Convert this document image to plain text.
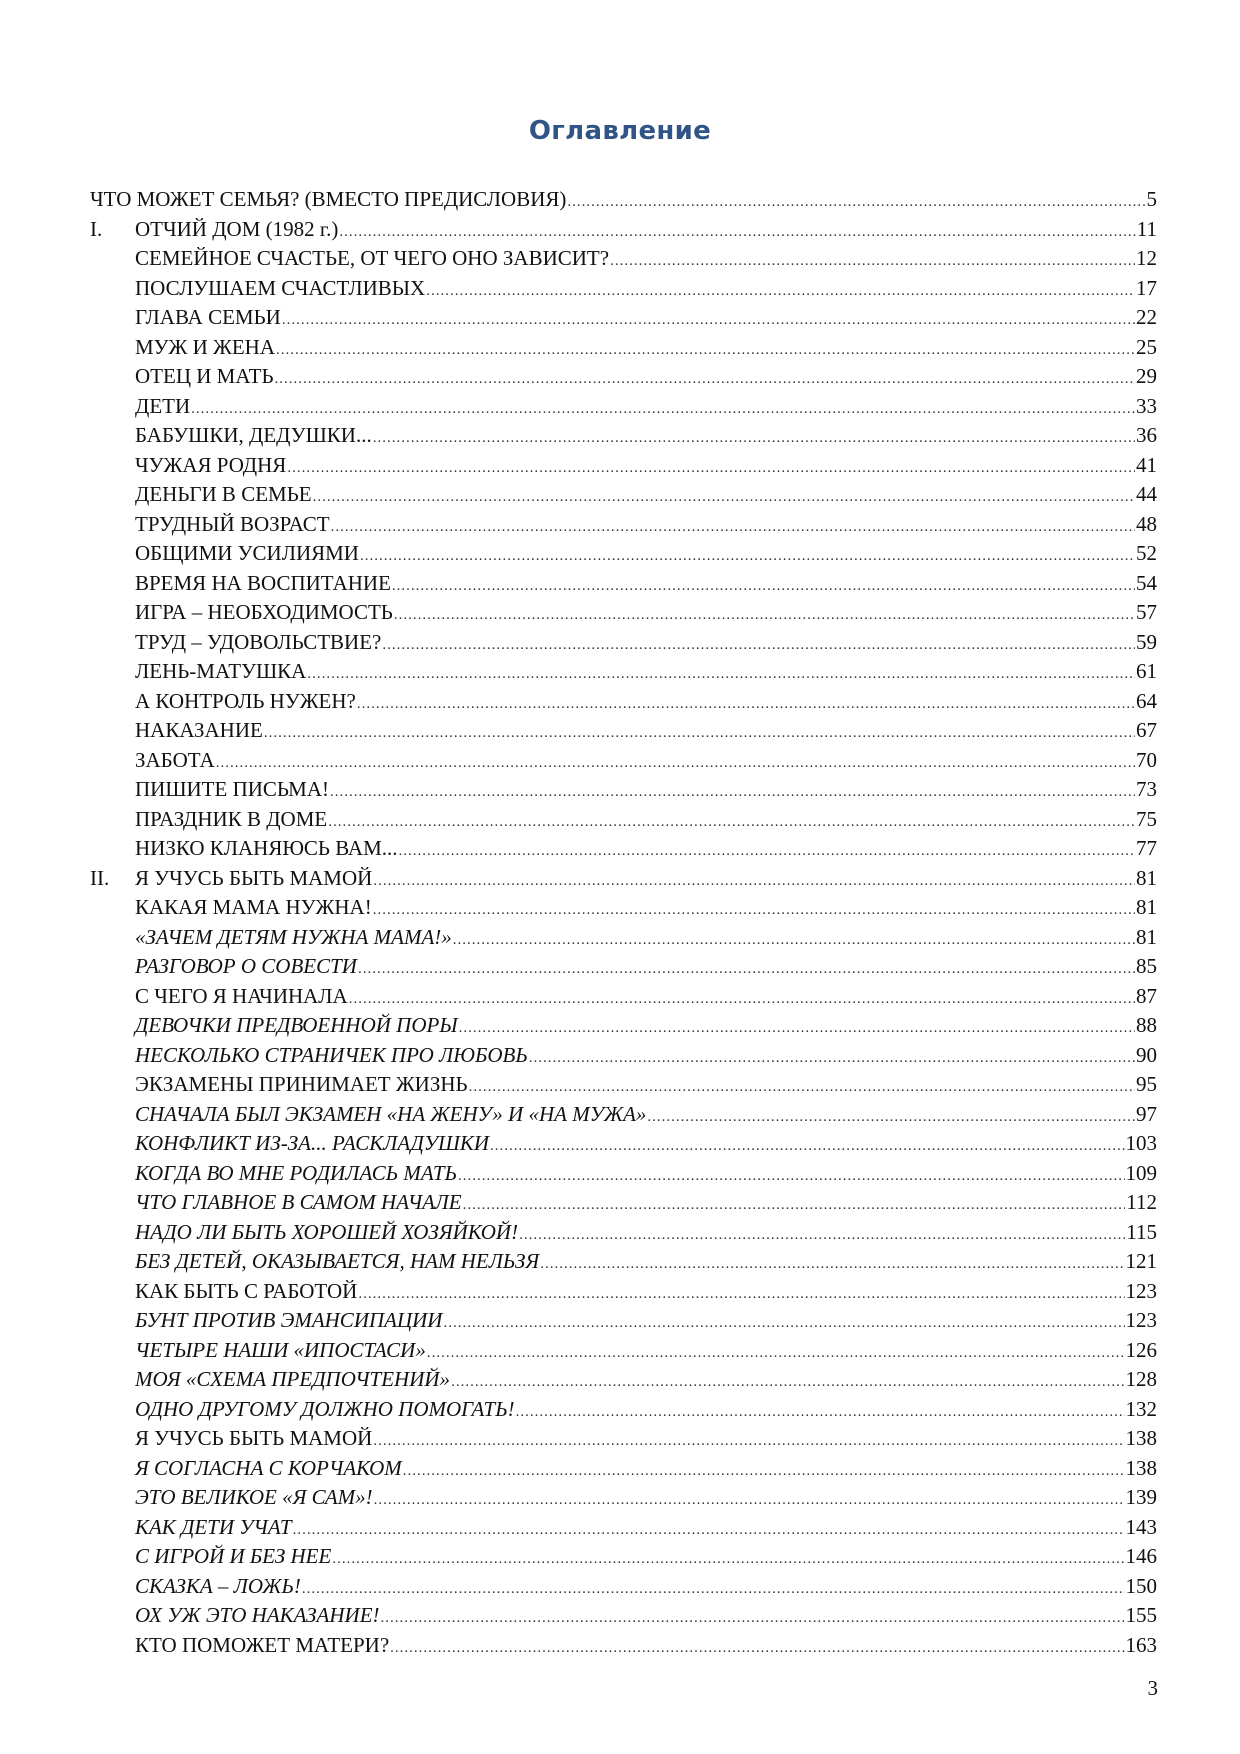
Оглавление
ЧТО МОЖЕТ СЕМЬЯ? (ВМЕСТО ПРЕДИСЛОВИЯ) .....	5
I.	ОТЧИЙ ДОМ (1982 г.) .....	11
СЕМЕЙНОЕ СЧАСТЬЕ, ОТ ЧЕГО ОНО ЗАВИСИТ? .....	12
ПОСЛУШАЕМ СЧАСТЛИВЫХ .....	17
ГЛАВА СЕМЬИ .....	22
МУЖ И ЖЕНА .....	25
ОТЕЦ И МАТЬ .....	29
ДЕТИ .....	33
БАБУШКИ, ДЕДУШКИ... .....	36
ЧУЖАЯ РОДНЯ .....	41
ДЕНЬГИ В СЕМЬЕ .....	44
ТРУДНЫЙ ВОЗРАСТ .....	48
ОБЩИМИ УСИЛИЯМИ .....	52
ВРЕМЯ НА ВОСПИТАНИЕ .....	54
ИГРА – НЕОБХОДИМОСТЬ .....	57
ТРУД – УДОВОЛЬСТВИЕ? .....	59
ЛЕНЬ-МАТУШКА .....	61
А КОНТРОЛЬ НУЖЕН? .....	64
НАКАЗАНИЕ .....	67
ЗАБОТА .....	70
ПИШИТЕ ПИСЬМА! .....	73
ПРАЗДНИК В ДОМЕ .....	75
НИЗКО КЛАНЯЮСЬ ВАМ... .....	77
II.	Я УЧУСЬ БЫТЬ МАМОЙ .....	81
КАКАЯ МАМА НУЖНА! .....	81
«ЗАЧЕМ ДЕТЯМ НУЖНА МАМА!» .....	81
РАЗГОВОР О СОВЕСТИ .....	85
С ЧЕГО Я НАЧИНАЛА .....	87
ДЕВОЧКИ ПРЕДВОЕННОЙ ПОРЫ .....	88
НЕСКОЛЬКО СТРАНИЧЕК ПРО ЛЮБОВЬ .....	90
ЭКЗАМЕНЫ ПРИНИМАЕТ ЖИЗНЬ .....	95
СНАЧАЛА БЫЛ ЭКЗАМЕН «НА ЖЕНУ» И «НА МУЖА» .....	97
КОНФЛИКТ ИЗ-ЗА... РАСКЛАДУШКИ .....	103
КОГДА ВО МНЕ РОДИЛАСЬ МАТЬ .....	109
ЧТО ГЛАВНОЕ В САМОМ НАЧАЛЕ .....	112
НАДО ЛИ БЫТЬ ХОРОШЕЙ ХОЗЯЙКОЙ! .....	115
БЕЗ ДЕТЕЙ, ОКАЗЫВАЕТСЯ, НАМ НЕЛЬЗЯ .....	121
КАК БЫТЬ С РАБОТОЙ .....	123
БУНТ ПРОТИВ ЭМАНСИПАЦИИ .....	123
ЧЕТЫРЕ НАШИ «ИПОСТАСИ» .....	126
МОЯ «СХЕМА ПРЕДПОЧТЕНИЙ» .....	128
ОДНО ДРУГОМУ ДОЛЖНО ПОМОГАТЬ! .....	132
Я УЧУСЬ БЫТЬ МАМОЙ .....	138
Я СОГЛАСНА С КОРЧАКОМ .....	138
ЭТО ВЕЛИКОЕ «Я САМ»! .....	139
КАК ДЕТИ УЧАТ .....	143
С ИГРОЙ И БЕЗ НЕЕ .....	146
СКАЗКА – ЛОЖЬ! .....	150
ОХ УЖ ЭТО НАКАЗАНИЕ! .....	155
КТО ПОМОЖЕТ МАТЕРИ? .....	163
3
